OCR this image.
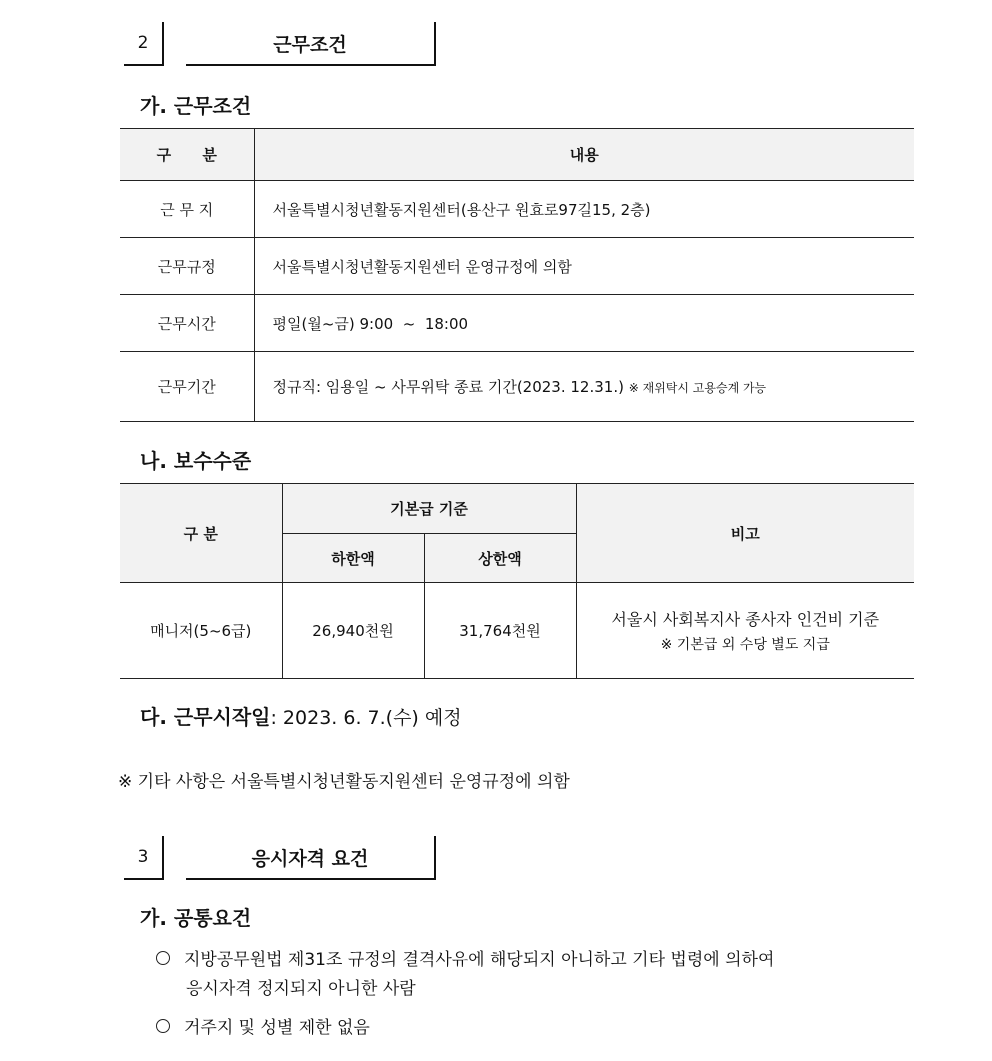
2	근무조건
가. 근무조건
구      분	내용
근 무 지	서울특별시청년활동지원센터(용산구 원효로97길15, 2층)
근무규정	서울특별시청년활동지원센터 운영규정에 의함
근무시간	평일(월~금) 9:00  ~  18:00
근무기간	정규직: 임용일 ~ 사무위탁 종료 기간(2023. 12.31.) ※ 재위탁시 고용승계 가능
나. 보수수준
구 분	기본급 기준		비고
	하한액	상한액	
매니저(5~6급)	26,940천원	31,764천원	서울시 사회복지사 종사자 인건비 기준
※ 기본급 외 수당 별도 지급
다. 근무시작일: 2023. 6. 7.(수) 예정
※ 기타 사항은 서울특별시청년활동지원센터 운영규정에 의함
3	응시자격 요건
가. 공통요건
지방공무원법 제31조 규정의 결격사유에 해당되지 아니하고 기타 법령에 의하여
응시자격 정지되지 아니한 사람
거주지 및 성별 제한 없음
